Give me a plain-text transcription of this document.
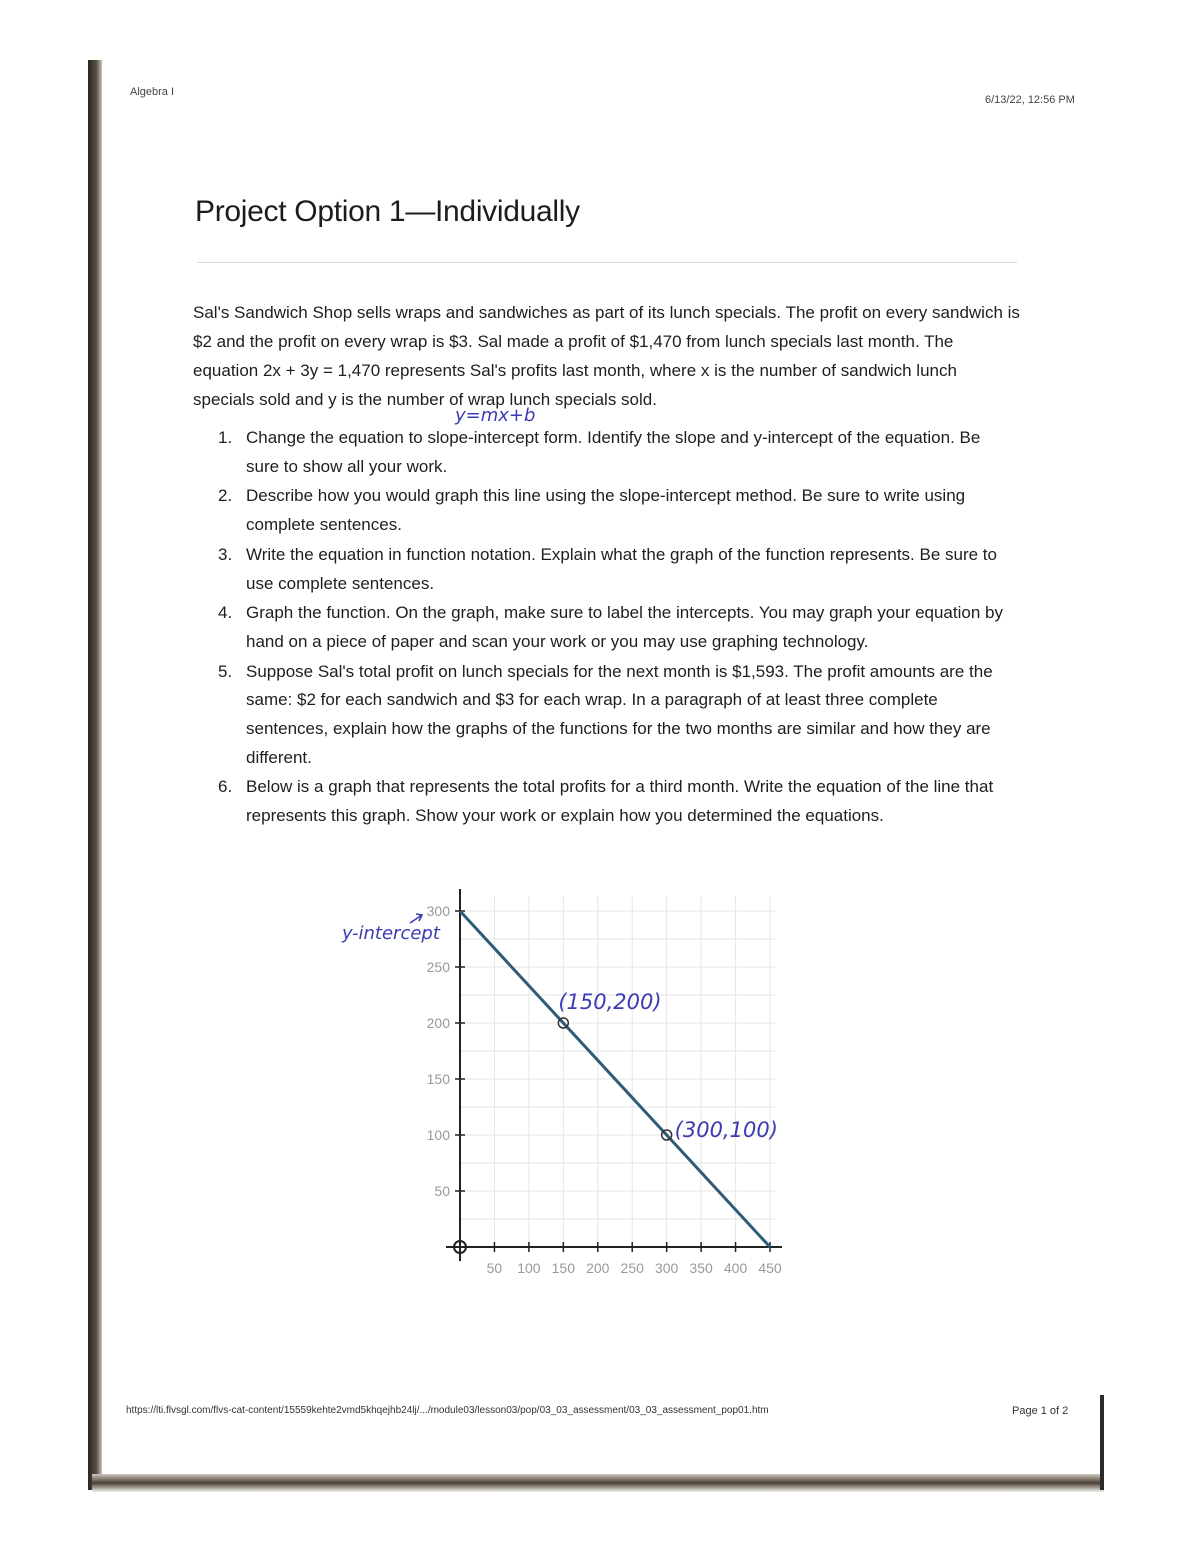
Algebra I
6/13/22, 12:56 PM
Project Option 1—Individually
Sal's Sandwich Shop sells wraps and sandwiches as part of its lunch specials. The profit on every sandwich is $2 and the profit on every wrap is $3. Sal made a profit of $1,470 from lunch specials last month. The equation 2x + 3y = 1,470 represents Sal's profits last month, where x is the number of sandwich lunch specials sold and y is the number of wrap lunch specials sold.
y=mx+b
1. Change the equation to slope-intercept form. Identify the slope and y-intercept of the equation. Be sure to show all your work.
2. Describe how you would graph this line using the slope-intercept method. Be sure to write using complete sentences.
3. Write the equation in function notation. Explain what the graph of the function represents. Be sure to use complete sentences.
4. Graph the function. On the graph, make sure to label the intercepts. You may graph your equation by hand on a piece of paper and scan your work or you may use graphing technology.
5. Suppose Sal's total profit on lunch specials for the next month is $1,593. The profit amounts are the same: $2 for each sandwich and $3 for each wrap. In a paragraph of at least three complete sentences, explain how the graphs of the functions for the two months are similar and how they are different.
6. Below is a graph that represents the total profits for a third month. Write the equation of the line that represents this graph. Show your work or explain how you determined the equations.
50 100 150 200 250 300 350 400 450
50
100
150
200
250
300
y-intercept
(150,200)
(300,100)
https://lti.flvsgl.com/flvs-cat-content/15559kehte2vmd5khqejhb24lj/.../module03/lesson03/pop/03_03_assessment/03_03_assessment_pop01.htm	Page 1 of 2
